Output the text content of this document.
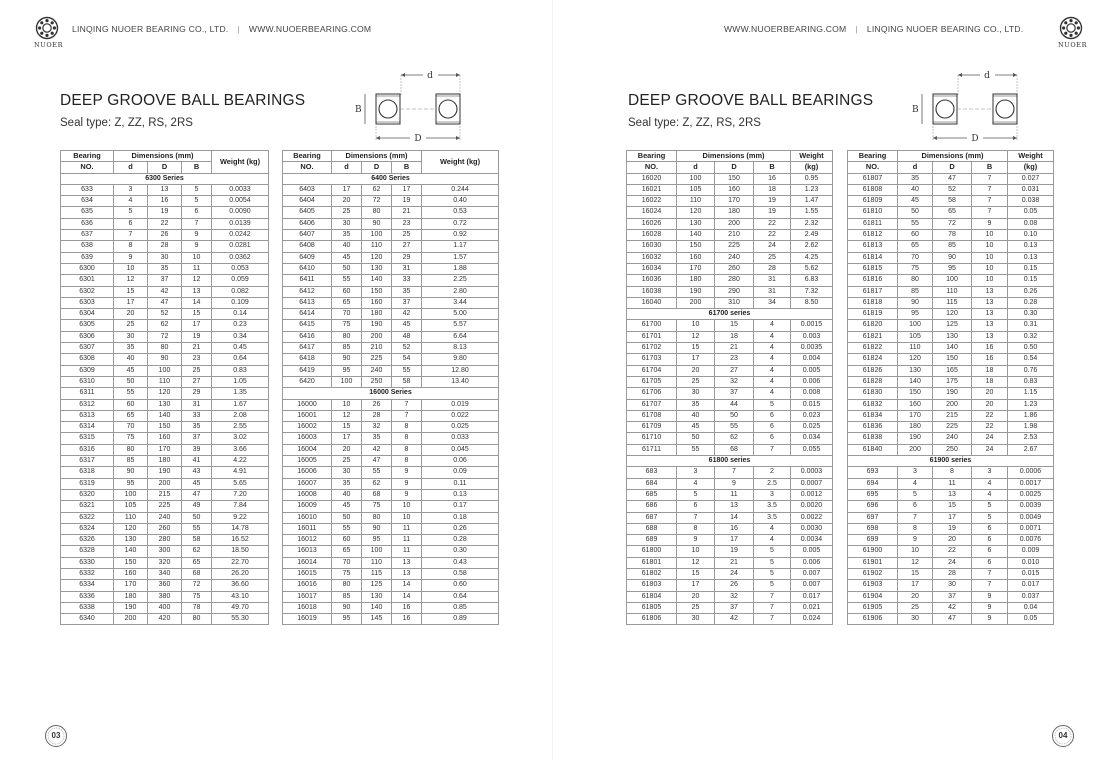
NUOER
LINQING NUOER BEARING CO., LTD. | WWW.NUOERBEARING.COM
DEEP GROOVE BALL BEARINGS
Seal type: Z, ZZ, RS, 2RS
d
B
D
Bearing	Dimensions (mm)			Weight (kg)
NO.	d	D	B	
6300 Series				
633	3	13	5	0.0033
634	4	16	5	0.0054
635	5	19	6	0.0090
636	6	22	7	0.0139
637	7	26	9	0.0242
638	8	28	9	0.0281
639	9	30	10	0.0362
6300	10	35	11	0.053
6301	12	37	12	0.059
6302	15	42	13	0.082
6303	17	47	14	0.109
6304	20	52	15	0.14
6305	25	62	17	0.23
6306	30	72	19	0.34
6307	35	80	21	0.45
6308	40	90	23	0.64
6309	45	100	25	0.83
6310	50	110	27	1.05
6311	55	120	29	1.35
6312	60	130	31	1.67
6313	65	140	33	2.08
6314	70	150	35	2.55
6315	75	160	37	3.02
6316	80	170	39	3.66
6317	85	180	41	4.22
6318	90	190	43	4.91
6319	95	200	45	5.65
6320	100	215	47	7.20
6321	105	225	49	7.84
6322	110	240	50	9.22
6324	120	260	55	14.78
6326	130	280	58	16.52
6328	140	300	62	18.50
6330	150	320	65	22.70
6332	160	340	68	26.20
6334	170	360	72	36.60
6336	180	380	75	43.10
6338	190	400	78	49.70
6340	200	420	80	55.30
Bearing	Dimensions (mm)			Weight (kg)
NO.	d	D	B	
6400 Series				
6403	17	62	17	0.244
6404	20	72	19	0.40
6405	25	80	21	0.53
6406	30	90	23	0.72
6407	35	100	25	0.92
6408	40	110	27	1.17
6409	45	120	29	1.57
6410	50	130	31	1.88
6411	55	140	33	2.25
6412	60	150	35	2.80
6413	65	160	37	3.44
6414	70	180	42	5.00
6415	75	190	45	5.57
6416	80	200	48	6.64
6417	85	210	52	8.13
6418	90	225	54	9.80
6419	95	240	55	12.80
6420	100	250	58	13.40
16000 Series				
16000	10	26	7	0.019
16001	12	28	7	0.022
16002	15	32	8	0.025
16003	17	35	8	0.033
16004	20	42	8	0.045
16005	25	47	8	0.06
16006	30	55	9	0.09
16007	35	62	9	0.11
16008	40	68	9	0.13
16009	45	75	10	0.17
16010	50	80	10	0.18
16011	55	90	11	0.26
16012	60	95	11	0.28
16013	65	100	11	0.30
16014	70	110	13	0.43
16015	75	115	13	0.58
16016	80	125	14	0.60
16017	85	130	14	0.64
16018	90	140	16	0.85
16019	95	145	16	0.89
03
WWW.NUOERBEARING.COM | LINQING NUOER BEARING CO., LTD.
NUOER
DEEP GROOVE BALL BEARINGS
Seal type: Z, ZZ, RS, 2RS
d
B
D
Bearing	Dimensions (mm)			Weight
NO.	d	D	B	(kg)
16020	100	150	16	0.95
16021	105	160	18	1.23
16022	110	170	19	1.47
16024	120	180	19	1.55
16026	130	200	22	2.32
16028	140	210	22	2.49
16030	150	225	24	2.62
16032	160	240	25	4.25
16034	170	260	28	5.62
16036	180	280	31	6.83
16038	190	290	31	7.32
16040	200	310	34	8.50
61700 series				
61700	10	15	4	0.0015
61701	12	18	4	0.003
61702	15	21	4	0.0035
61703	17	23	4	0.004
61704	20	27	4	0.005
61705	25	32	4	0.006
61706	30	37	4	0.008
61707	35	44	5	0.015
61708	40	50	6	0.023
61709	45	55	6	0.025
61710	50	62	6	0.034
61711	55	68	7	0.055
61800 series				
683	3	7	2	0.0003
684	4	9	2.5	0.0007
685	5	11	3	0.0012
686	6	13	3.5	0.0020
687	7	14	3.5	0.0022
688	8	16	4	0.0030
689	9	17	4	0.0034
61800	10	19	5	0.005
61801	12	21	5	0.006
61802	15	24	5	0.007
61803	17	26	5	0.007
61804	20	32	7	0.017
61805	25	37	7	0.021
61806	30	42	7	0.024
Bearing	Dimensions (mm)			Weight
NO.	d	D	B	(kg)
61807	35	47	7	0.027
61808	40	52	7	0.031
61809	45	58	7	0.038
61810	50	65	7	0.05
61811	55	72	9	0.08
61812	60	78	10	0.10
61813	65	85	10	0.13
61814	70	90	10	0.13
61815	75	95	10	0.15
61816	80	100	10	0.15
61817	85	110	13	0.26
61818	90	115	13	0.28
61819	95	120	13	0.30
61820	100	125	13	0.31
61821	105	130	13	0.32
61822	110	140	16	0.50
61824	120	150	16	0.54
61826	130	165	18	0.76
61828	140	175	18	0.83
61830	150	190	20	1.15
61832	160	200	20	1.23
61834	170	215	22	1.86
61836	180	225	22	1.98
61838	190	240	24	2.53
61840	200	250	24	2.67
61900 series				
693	3	8	3	0.0006
694	4	11	4	0.0017
695	5	13	4	0.0025
696	6	15	5	0.0039
697	7	17	5	0.0049
698	8	19	6	0.0071
699	9	20	6	0.0076
61900	10	22	6	0.009
61901	12	24	6	0.010
61902	15	28	7	0.015
61903	17	30	7	0.017
61904	20	37	9	0.037
61905	25	42	9	0.04
61906	30	47	9	0.05
04
